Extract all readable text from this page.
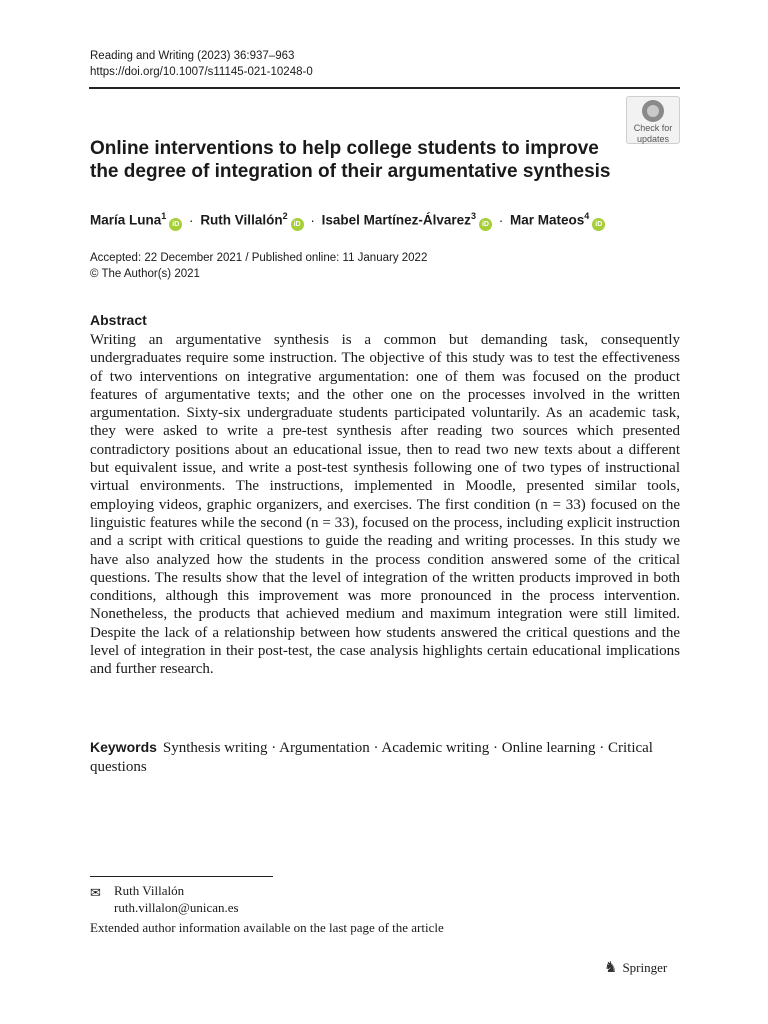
Reading and Writing (2023) 36:937–963
https://doi.org/10.1007/s11145-021-10248-0
Check for
updates
Online interventions to help college students to improve
the degree of integration of their argumentative synthesis
María Luna$^1$iD · Ruth Villalón$^2$iD · Isabel Martínez-Álvarez$^3$iD · Mar Mateos$^4$iD
Accepted: 22 December 2021 / Published online: 11 January 2022
© The Author(s) 2021
Abstract

Writing an argumentative synthesis is a common but demanding task, consequently undergraduates require some instruction. The objective of this study was to test the effectiveness of two interventions on integrative argumentation: one of them was focused on the product features of argumentative texts; and the other one on the processes involved in the written argumentation. Sixty-six undergraduate students participated voluntarily. As an academic task, they were asked to write a pre-test synthesis after reading two sources which presented contradictory positions about an educational issue, then to read two new texts about a different but equivalent issue, and write a post-test synthesis following one of two types of instructional virtual environments. The instructions, implemented in Moodle, presented similar tools, employing videos, graphic organizers, and exercises. The first condition (n = 33) focused on the linguistic features while the second (n = 33), focused on the process, including explicit instruction and a script with critical questions to guide the reading and writing processes. In this study we have also analyzed how the students in the process condition answered some of the critical questions. The results show that the level of integration of the written products improved in both conditions, although this improvement was more pronounced in the process intervention. Nonetheless, the products that achieved medium and maximum integration were still limited. Despite the lack of a relationship between how students answered the critical questions and the level of integration in their post-test, the case analysis highlights certain educational implications and further research.

Keywords Synthesis writing · Argumentation · Academic writing · Online learning · Critical questions
✉ Ruth Villalón
ruth.villalon@unican.es
Extended author information available on the last page of the article
♞ Springer
